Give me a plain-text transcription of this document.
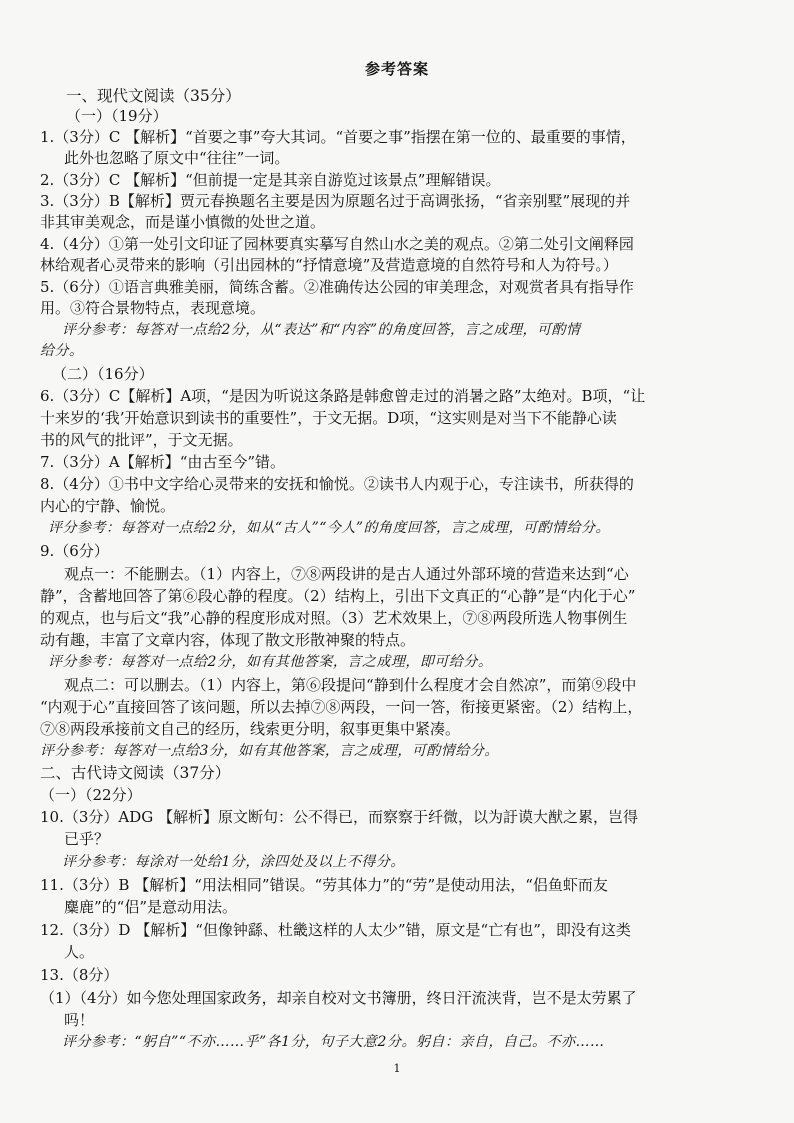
参考答案
一、现代文阅读（35分）
（一）（19分）
1.（3分）C 【解析】“首要之事”夸大其词。“首要之事”指摆在第一位的、最重要的事情，
此外也忽略了原文中“往往”一词。
2.（3分）C 【解析】“但前提一定是其亲自游览过该景点”理解错误。
3.（3分）B【解析】贾元春换题名主要是因为原题名过于高调张扬，“省亲别墅”展现的并
非其审美观念，而是谨小慎微的处世之道。
4.（4分）①第一处引文印证了园林要真实摹写自然山水之美的观点。②第二处引文阐释园
林给观者心灵带来的影响（引出园林的“抒情意境”及营造意境的自然符号和人为符号。）
5.（6分）①语言典雅美丽，简练含蓄。②准确传达公园的审美理念，对观赏者具有指导作
用。③符合景物特点，表现意境。
评分参考：每答对一点给2分，从“表达”和“内容”的角度回答，言之成理，可酌情
给分。
（二）（16分）
6.（3分）C【解析】A项，“是因为听说这条路是韩愈曾走过的消暑之路”太绝对。B项，“让
十来岁的‘我’开始意识到读书的重要性”，于文无据。D项，“这实则是对当下不能静心读
书的风气的批评”，于文无据。
7.（3分）A【解析】“由古至今”错。
8.（4分）①书中文字给心灵带来的安抚和愉悦。②读书人内观于心，专注读书，所获得的
内心的宁静、愉悦。
评分参考：每答对一点给2分，如从“古人”“今人”的角度回答，言之成理，可酌情给分。
9.（6分）
观点一：不能删去。（1）内容上，⑦⑧两段讲的是古人通过外部环境的营造来达到“心
静”，含蓄地回答了第⑥段心静的程度。（2）结构上，引出下文真正的“心静”是“内化于心”
的观点，也与后文“我”心静的程度形成对照。（3）艺术效果上，⑦⑧两段所选人物事例生
动有趣，丰富了文章内容，体现了散文形散神聚的特点。
评分参考：每答对一点给2分，如有其他答案，言之成理，即可给分。
观点二：可以删去。（1）内容上，第⑥段提问“静到什么程度才会自然凉”，而第⑨段中
“内观于心”直接回答了该问题，所以去掉⑦⑧两段，一问一答，衔接更紧密。（2）结构上，
⑦⑧两段承接前文自己的经历，线索更分明，叙事更集中紧凑。
评分参考：每答对一点给3分，如有其他答案，言之成理，可酌情给分。
二、古代诗文阅读（37分）
（一）（22分）
10.（3分）ADG 【解析】原文断句：公不得已，而察察于纤微，以为訏谟大猷之累，岂得
已乎？
评分参考：每涂对一处给1分，涂四处及以上不得分。
11.（3分）B 【解析】“用法相同”错误。“劳其体力”的“劳”是使动用法，“侣鱼虾而友
麋鹿”的“侣”是意动用法。
12.（3分）D 【解析】“但像钟繇、杜畿这样的人太少”错，原文是“亡有也”，即没有这类
人。
13.（8分）
（1）（4分）如今您处理国家政务，却亲自校对文书簿册，终日汗流浃背，岂不是太劳累了
吗！
评分参考：“躬自”“不亦……乎”各1分，句子大意2分。躬自：亲自，自己。不亦……
1
